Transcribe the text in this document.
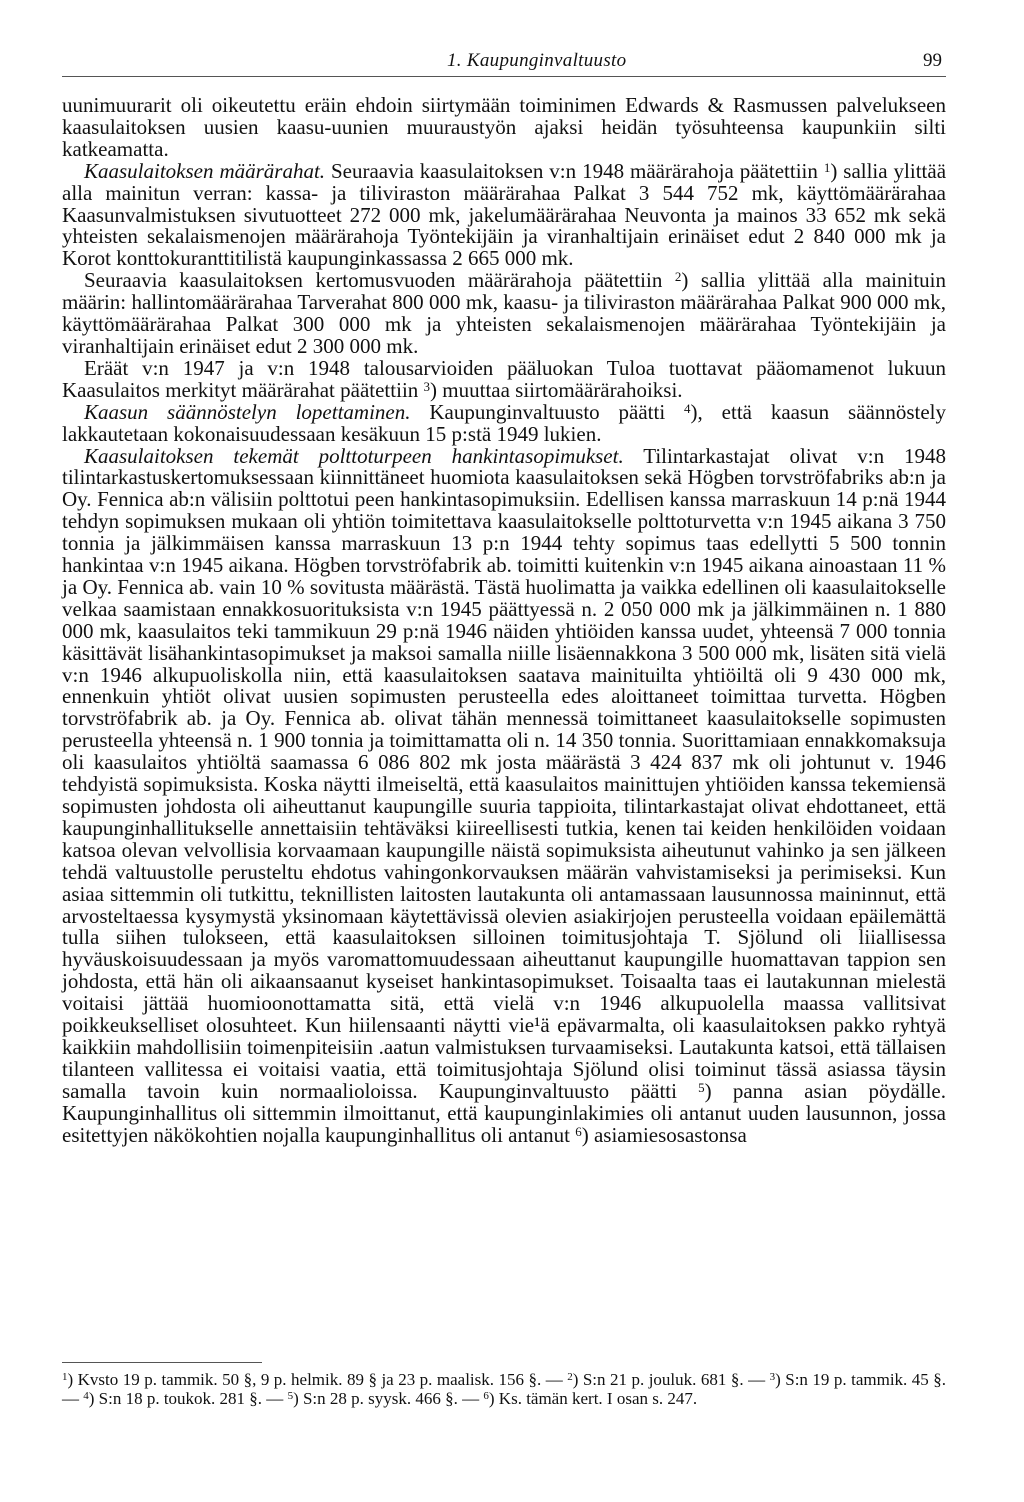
1. Kaupunginvaltuusto	99

uunimuurarit oli oikeutettu eräin ehdoin siirtymään toiminimen Edwards & Rasmussen palvelukseen kaasulaitoksen uusien kaasu-uunien muuraustyön ajaksi heidän työsuhteensa kaupunkiin silti katkeamatta.

Kaasulaitoksen määrärahat. Seuraavia kaasulaitoksen v:n 1948 määrärahoja päätettiin $^1$) sallia ylittää alla mainitun verran: kassa- ja tiliviraston määrärahaa Palkat 3 544 752 mk, käyttömäärärahaa Kaasunvalmistuksen sivutuotteet 272 000 mk, jakelumäärärahaa Neuvonta ja mainos 33 652 mk sekä yhteisten sekalaismenojen määrärahoja Työntekijäin ja viranhaltijain erinäiset edut 2 840 000 mk ja Korot konttokuranttitilistä kaupunginkassassa 2 665 000 mk.

Seuraavia kaasulaitoksen kertomusvuoden määrärahoja päätettiin $^2$) sallia ylittää alla mainituin määrin: hallintomäärärahaa Tarverahat 800 000 mk, kaasu- ja tiliviraston määrärahaa Palkat 900 000 mk, käyttömäärärahaa Palkat 300 000 mk ja yhteisten sekalaismenojen määrärahaa Työntekijäin ja viranhaltijain erinäiset edut 2 300 000 mk.

Eräät v:n 1947 ja v:n 1948 talousarvioiden pääluokan Tuloa tuottavat pääomamenot lukuun Kaasulaitos merkityt määrärahat päätettiin $^3$) muuttaa siirtomäärärahoiksi.

Kaasun säännöstelyn lopettaminen. Kaupunginvaltuusto päätti $^4$), että kaasun säännöstely lakkautetaan kokonaisuudessaan kesäkuun 15 p:stä 1949 lukien.

Kaasulaitoksen tekemät polttoturpeen hankintasopimukset. Tilintarkastajat olivat v:n 1948 tilintarkastuskertomuksessaan kiinnittäneet huomiota kaasulaitoksen sekä Högben torvströfabriks ab:n ja Oy. Fennica ab:n välisiin polttotui peen hankintasopimuksiin. Edellisen kanssa marraskuun 14 p:nä 1944 tehdyn sopimuksen mukaan oli yhtiön toimitettava kaasulaitokselle polttoturvetta v:n 1945 aikana 3 750 tonnia ja jälkimmäisen kanssa marraskuun 13 p:n 1944 tehty sopimus taas edellytti 5 500 tonnin hankintaa v:n 1945 aikana. Högben torvströfabrik ab. toimitti kuitenkin v:n 1945 aikana ainoastaan 11 % ja Oy. Fennica ab. vain 10 % sovitusta määrästä. Tästä huolimatta ja vaikka edellinen oli kaasulaitokselle velkaa saamistaan ennakkosuorituksista v:n 1945 päättyessä n. 2 050 000 mk ja jälkimmäinen n. 1 880 000 mk, kaasulaitos teki tammikuun 29 p:nä 1946 näiden yhtiöiden kanssa uudet, yhteensä 7 000 tonnia käsittävät lisähankintasopimukset ja maksoi samalla niille lisäennakkona 3 500 000 mk, lisäten sitä vielä v:n 1946 alkupuoliskolla niin, että kaasulaitoksen saatava mainituilta yhtiöiltä oli 9 430 000 mk, ennenkuin yhtiöt olivat uusien sopimusten perusteella edes aloittaneet toimittaa turvetta. Högben torvströfabrik ab. ja Oy. Fennica ab. olivat tähän mennessä toimittaneet kaasulaitokselle sopimusten perusteella yhteensä n. 1 900 tonnia ja toimittamatta oli n. 14 350 tonnia. Suorittamiaan ennakkomaksuja oli kaasulaitos yhtiöltä saamassa 6 086 802 mk josta määrästä 3 424 837 mk oli johtunut v. 1946 tehdyistä sopimuksista. Koska näytti ilmeiseltä, että kaasulaitos mainittujen yhtiöiden kanssa tekemiensä sopimusten johdosta oli aiheuttanut kaupungille suuria tappioita, tilintarkastajat olivat ehdottaneet, että kaupunginhallitukselle annettaisiin tehtäväksi kiireellisesti tutkia, kenen tai keiden henkilöiden voidaan katsoa olevan velvollisia korvaamaan kaupungille näistä sopimuksista aiheutunut vahinko ja sen jälkeen tehdä valtuustolle perusteltu ehdotus vahingonkorvauksen määrän vahvistamiseksi ja perimiseksi. Kun asiaa sittemmin oli tutkittu, teknillisten laitosten lautakunta oli antamassaan lausunnossa maininnut, että arvosteltaessa kysymystä yksinomaan käytettävissä olevien asiakirjojen perusteella voidaan epäilemättä tulla siihen tulokseen, että kaasulaitoksen silloinen toimitusjohtaja T. Sjölund oli liiallisessa hyväuskoisuudessaan ja myös varomattomuudessaan aiheuttanut kaupungille huomattavan tappion sen johdosta, että hän oli aikaansaanut kyseiset hankintasopimukset. Toisaalta taas ei lautakunnan mielestä voitaisi jättää huomioonottamatta sitä, että vielä v:n 1946 alkupuolella maassa vallitsivat poikkeukselliset olosuhteet. Kun hiilensaanti näytti vie¹ä epävarmalta, oli kaasulaitoksen pakko ryhtyä kaikkiin mahdollisiin toimenpiteisiin .aatun valmistuksen turvaamiseksi. Lautakunta katsoi, että tällaisen tilanteen vallitessa ei voitaisi vaatia, että toimitusjohtaja Sjölund olisi toiminut tässä asiassa täysin samalla tavoin kuin normaalioloissa. Kaupunginvaltuusto päätti $^5$) panna asian pöydälle. Kaupunginhallitus oli sittemmin ilmoittanut, että kaupunginlakimies oli antanut uuden lausunnon, jossa esitettyjen näkökohtien nojalla kaupunginhallitus oli antanut $^6$) asiamiesosastonsa

$^1$) Kvsto 19 p. tammik. 50 §, 9 p. helmik. 89 § ja 23 p. maalisk. 156 §. — $^2$) S:n 21 p. jouluk. 681 §. — $^3$) S:n 19 p. tammik. 45 §. — $^4$) S:n 18 p. toukok. 281 §. — $^5$) S:n 28 p. syysk. 466 §. — $^6$) Ks. tämän kert. I osan s. 247.
